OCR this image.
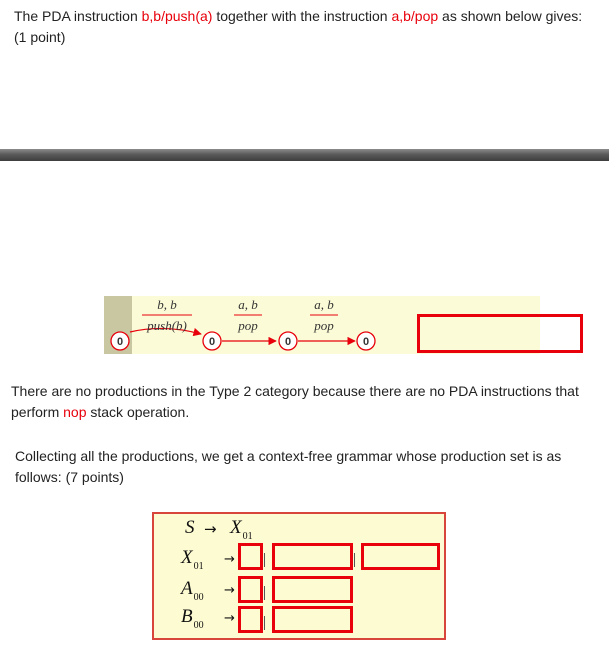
The PDA instruction b,b/push(a) together with the instruction a,b/pop as shown below gives: (1 point)
b, b
push(b)
a, b
pop
a, b
pop
0	0	0	0
There are no productions in the Type 2 category because there are no PDA instructions that perform nop stack operation.
Collecting all the productions, we get a context-free grammar whose production set is as follows: (7 points)
$S \to X_{01}$
$X_{01}$ →
$A_{00}$ →
$B_{00}$ →
